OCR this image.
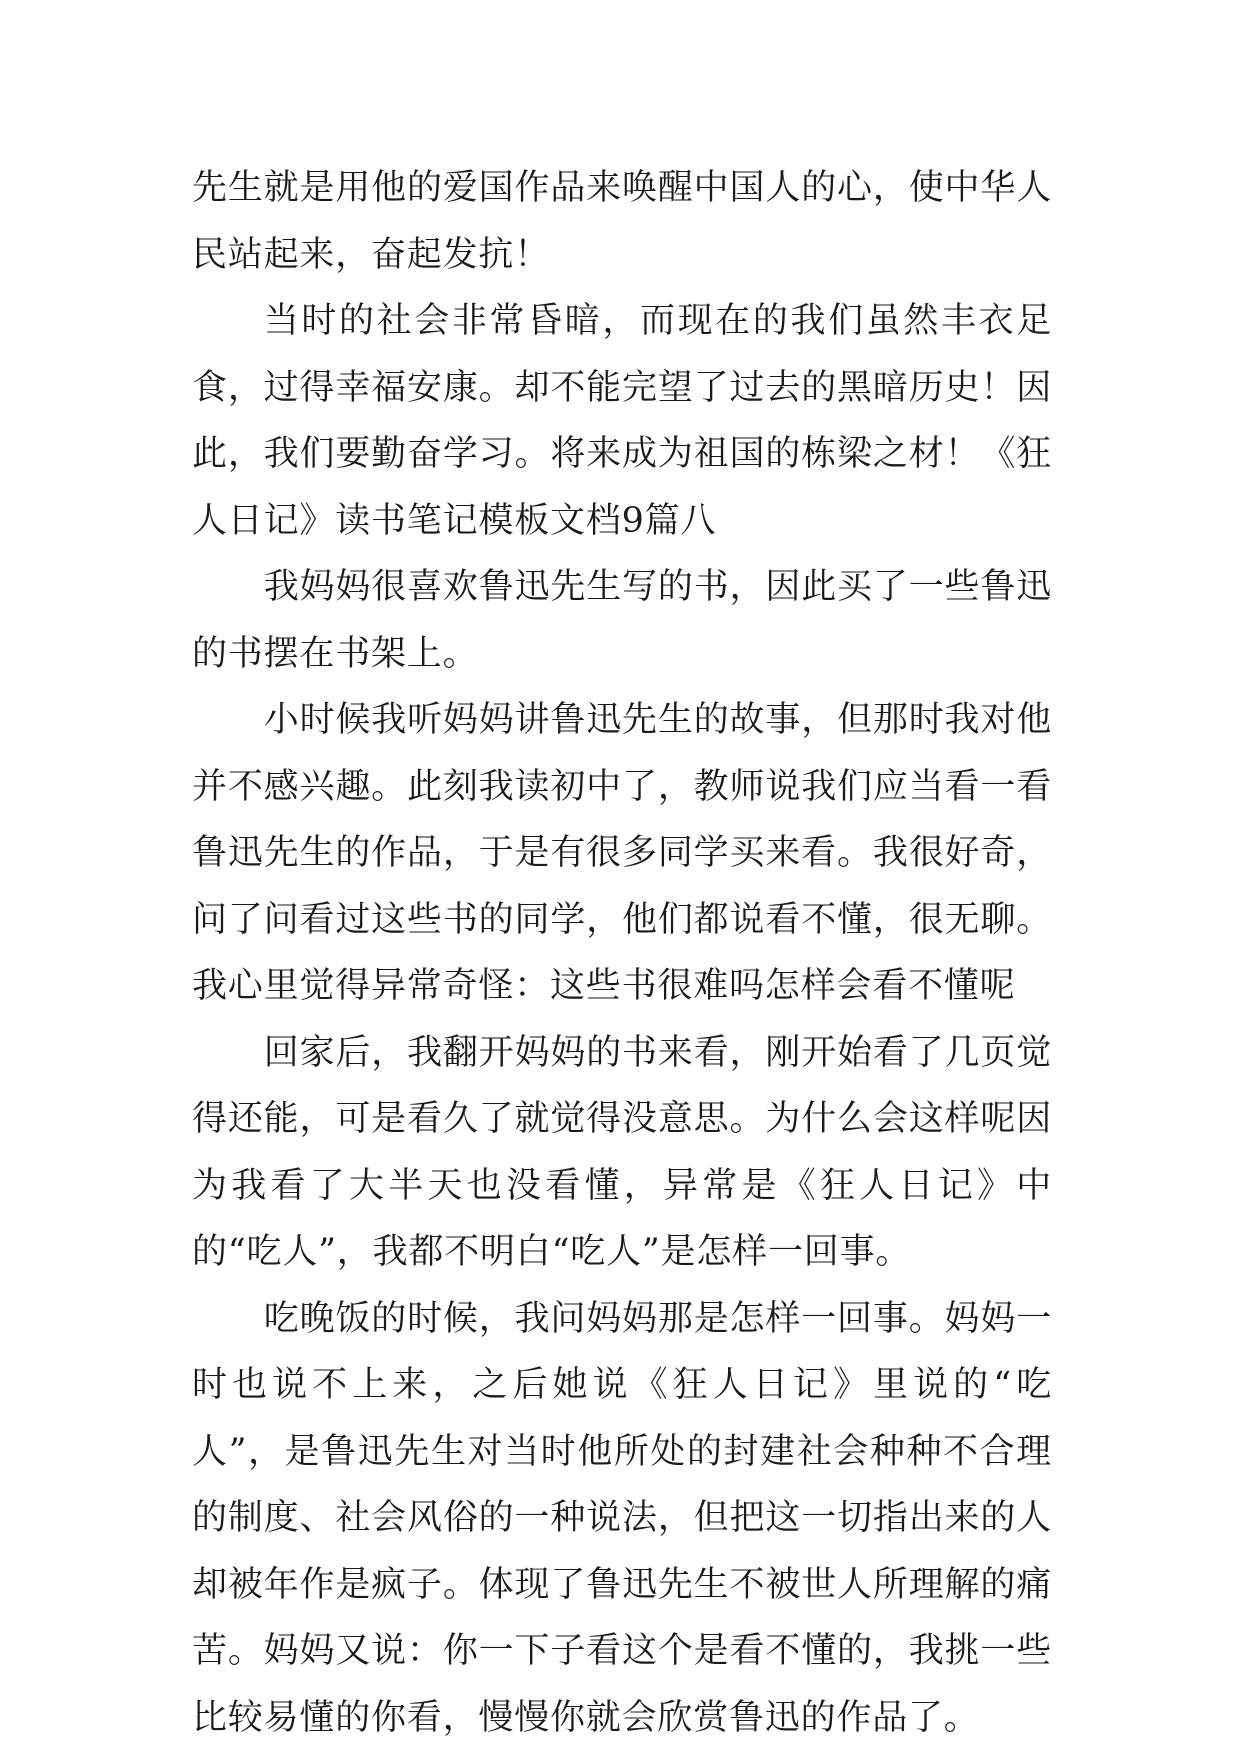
先生就是用他的爱国作品来唤醒中国人的心，使中华人民站起来，奋起发抗！

当时的社会非常昏暗，而现在的我们虽然丰衣足食，过得幸福安康。却不能完望了过去的黑暗历史！因此，我们要勤奋学习。将来成为祖国的栋梁之材！《狂人日记》读书笔记模板文档9篇八

我妈妈很喜欢鲁迅先生写的书，因此买了一些鲁迅的书摆在书架上。

小时候我听妈妈讲鲁迅先生的故事，但那时我对他并不感兴趣。此刻我读初中了，教师说我们应当看一看鲁迅先生的作品，于是有很多同学买来看。我很好奇，问了问看过这些书的同学，他们都说看不懂，很无聊。我心里觉得异常奇怪：这些书很难吗怎样会看不懂呢

回家后，我翻开妈妈的书来看，刚开始看了几页觉得还能，可是看久了就觉得没意思。为什么会这样呢因为我看了大半天也没看懂，异常是《狂人日记》中的“吃人”，我都不明白“吃人”是怎样一回事。

吃晚饭的时候，我问妈妈那是怎样一回事。妈妈一时也说不上来，之后她说《狂人日记》里说的“吃人”，是鲁迅先生对当时他所处的封建社会种种不合理的制度、社会风俗的一种说法，但把这一切指出来的人却被年作是疯子。体现了鲁迅先生不被世人所理解的痛苦。妈妈又说：你一下子看这个是看不懂的，我挑一些比较易懂的你看，慢慢你就会欣赏鲁迅的作品了。
